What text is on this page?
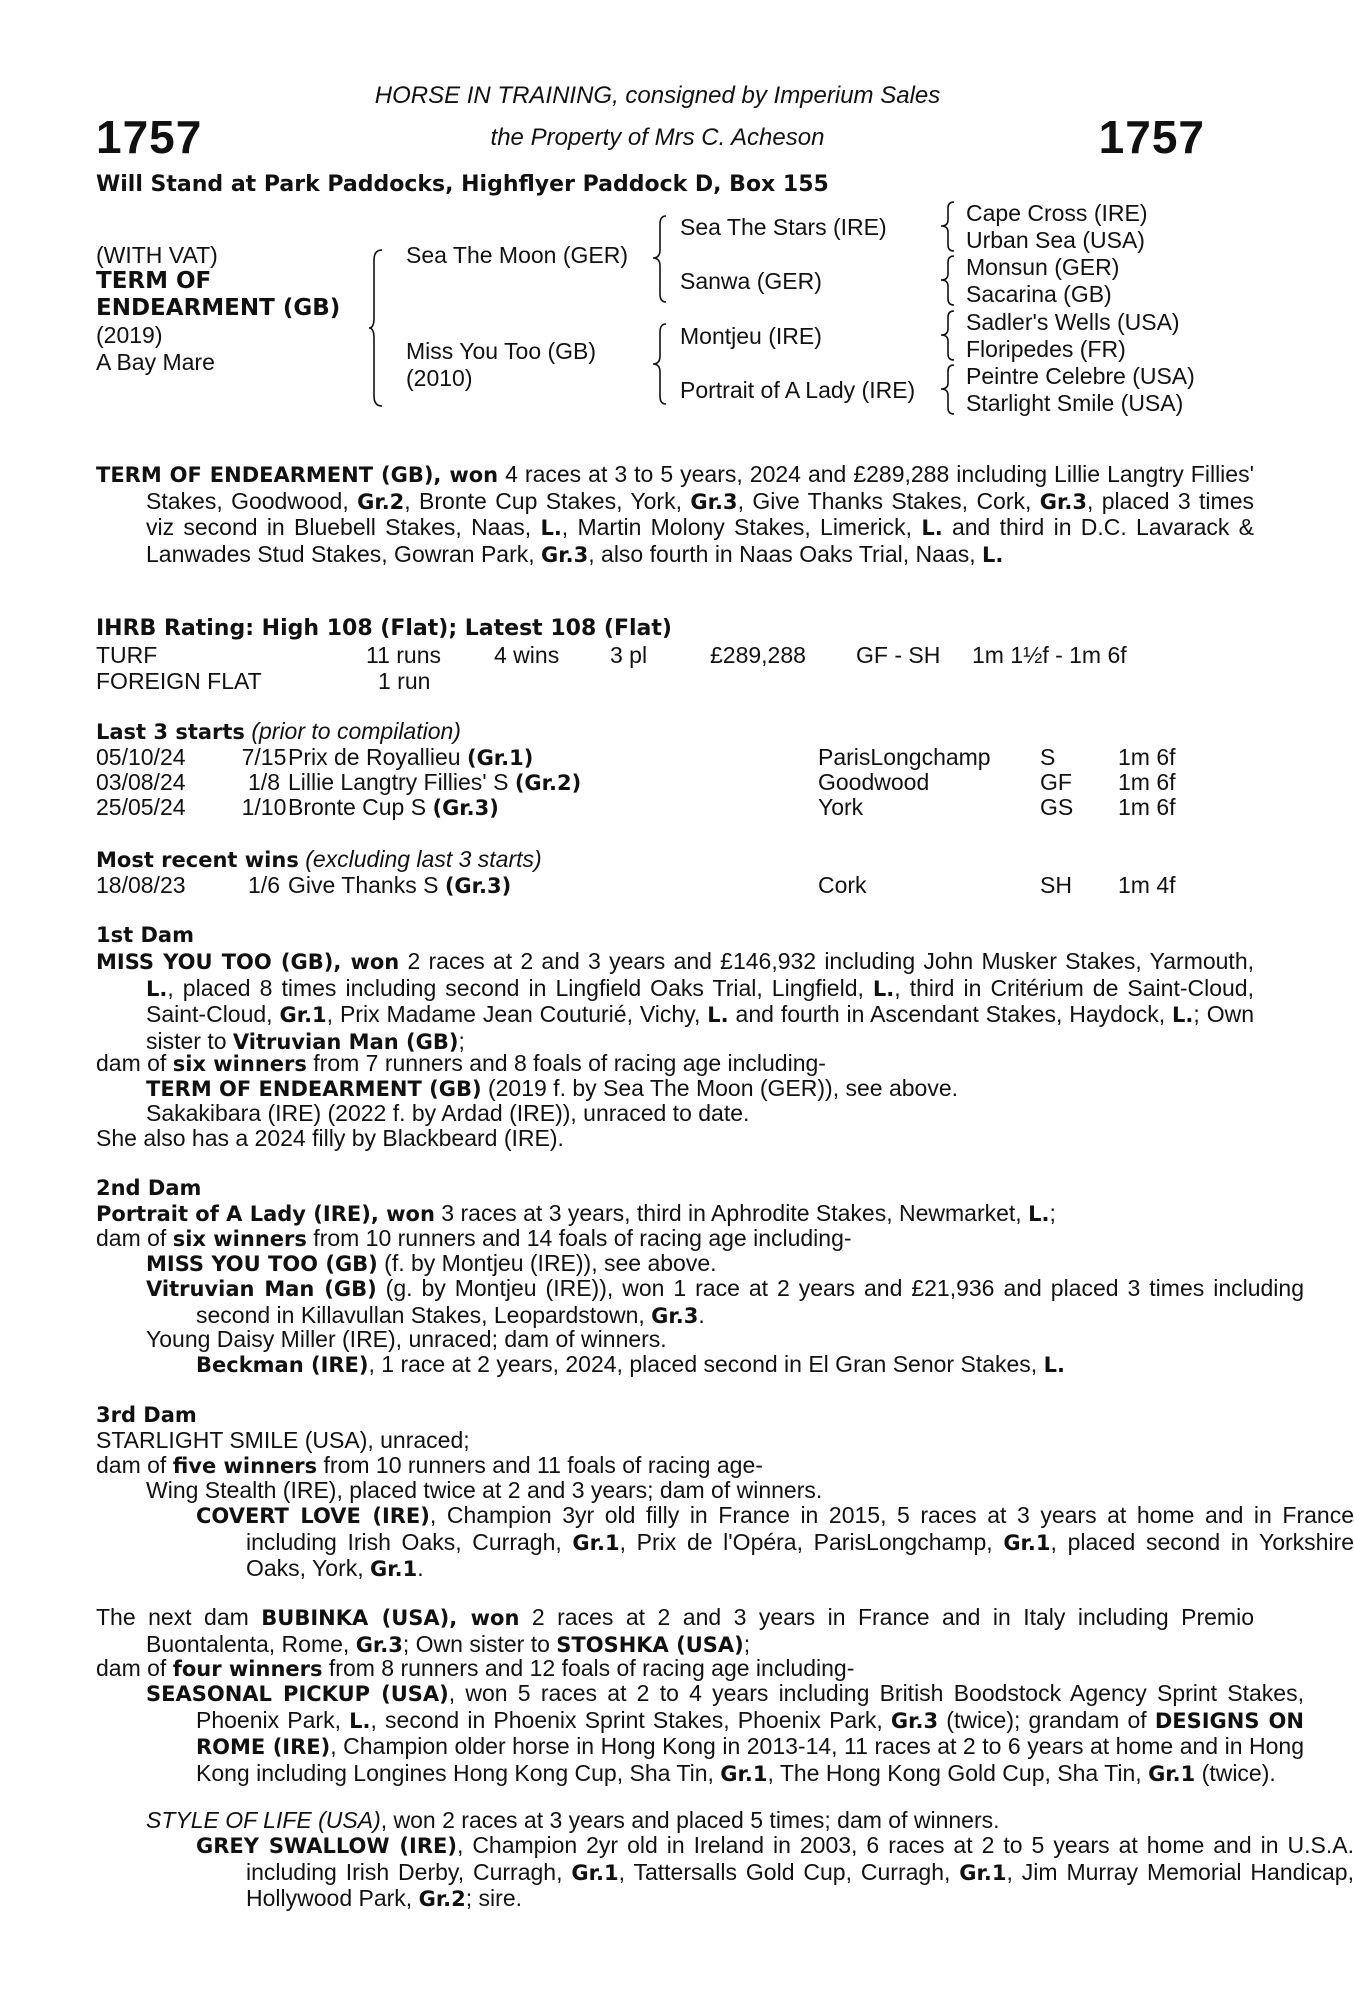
1757	1757
HORSE IN TRAINING, consigned by Imperium Sales
the Property of Mrs C. Acheson
Will Stand at Park Paddocks, Highflyer Paddock D, Box 155
(WITH VAT)
TERM OF
ENDEARMENT (GB)
(2019)
A Bay Mare
Sea The Moon (GER)
Miss You Too (GB)
(2010)
Sea The Stars (IRE)
Sanwa (GER)
Montjeu (IRE)
Portrait of A Lady (IRE)
Cape Cross (IRE)
Urban Sea (USA)
Monsun (GER)
Sacarina (GB)
Sadler's Wells (USA)
Floripedes (FR)
Peintre Celebre (USA)
Starlight Smile (USA)
TERM OF ENDEARMENT (GB), won 4 races at 3 to 5 years, 2024 and £289,288 including Lillie Langtry Fillies' Stakes, Goodwood, Gr.2, Bronte Cup Stakes, York, Gr.3, Give Thanks Stakes, Cork, Gr.3, placed 3 times viz second in Bluebell Stakes, Naas, L., Martin Molony Stakes, Limerick, L. and third in D.C. Lavarack & Lanwades Stud Stakes, Gowran Park, Gr.3, also fourth in Naas Oaks Trial, Naas, L.
IHRB Rating: High 108 (Flat); Latest 108 (Flat)
TURF	11 runs 4 wins 3 pl	£289,288 GF - SH 1m 1½f - 1m 6f
FOREIGN FLAT	1 run
Last 3 starts (prior to compilation)
05/10/24 7/15 Prix de Royallieu (Gr.1)	ParisLongchamp S	1m 6f
03/08/24	1/8 Lillie Langtry Fillies' S (Gr.2)	Goodwood	GF 1m 6f
25/05/24 1/10 Bronte Cup S (Gr.3)	York	GS 1m 6f
Most recent wins (excluding last 3 starts)
18/08/23	1/6 Give Thanks S (Gr.3)	Cork	SH 1m 4f
1st Dam
MISS YOU TOO (GB), won 2 races at 2 and 3 years and £146,932 including John Musker Stakes, Yarmouth, L., placed 8 times including second in Lingfield Oaks Trial, Lingfield, L., third in Critérium de Saint-Cloud, Saint-Cloud, Gr.1, Prix Madame Jean Couturié, Vichy, L. and fourth in Ascendant Stakes, Haydock, L.; Own sister to Vitruvian Man (GB);
dam of six winners from 7 runners and 8 foals of racing age including-
TERM OF ENDEARMENT (GB) (2019 f. by Sea The Moon (GER)), see above.
Sakakibara (IRE) (2022 f. by Ardad (IRE)), unraced to date.
She also has a 2024 filly by Blackbeard (IRE).
2nd Dam
Portrait of A Lady (IRE), won 3 races at 3 years, third in Aphrodite Stakes, Newmarket, L.;
dam of six winners from 10 runners and 14 foals of racing age including-
MISS YOU TOO (GB) (f. by Montjeu (IRE)), see above.
Vitruvian Man (GB) (g. by Montjeu (IRE)), won 1 race at 2 years and £21,936 and placed 3 times including second in Killavullan Stakes, Leopardstown, Gr.3.
Young Daisy Miller (IRE), unraced; dam of winners.
Beckman (IRE), 1 race at 2 years, 2024, placed second in El Gran Senor Stakes, L.
3rd Dam
STARLIGHT SMILE (USA), unraced;
dam of five winners from 10 runners and 11 foals of racing age-
Wing Stealth (IRE), placed twice at 2 and 3 years; dam of winners.
COVERT LOVE (IRE), Champion 3yr old filly in France in 2015, 5 races at 3 years at home and in France including Irish Oaks, Curragh, Gr.1, Prix de l'Opéra, ParisLongchamp, Gr.1, placed second in Yorkshire Oaks, York, Gr.1.
The next dam BUBINKA (USA), won 2 races at 2 and 3 years in France and in Italy including Premio Buontalenta, Rome, Gr.3; Own sister to STOSHKA (USA);
dam of four winners from 8 runners and 12 foals of racing age including-
SEASONAL PICKUP (USA), won 5 races at 2 to 4 years including British Boodstock Agency Sprint Stakes, Phoenix Park, L., second in Phoenix Sprint Stakes, Phoenix Park, Gr.3 (twice); grandam of DESIGNS ON ROME (IRE), Champion older horse in Hong Kong in 2013-14, 11 races at 2 to 6 years at home and in Hong Kong including Longines Hong Kong Cup, Sha Tin, Gr.1, The Hong Kong Gold Cup, Sha Tin, Gr.1 (twice).
STYLE OF LIFE (USA), won 2 races at 3 years and placed 5 times; dam of winners.
GREY SWALLOW (IRE), Champion 2yr old in Ireland in 2003, 6 races at 2 to 5 years at home and in U.S.A. including Irish Derby, Curragh, Gr.1, Tattersalls Gold Cup, Curragh, Gr.1, Jim Murray Memorial Handicap, Hollywood Park, Gr.2; sire.
